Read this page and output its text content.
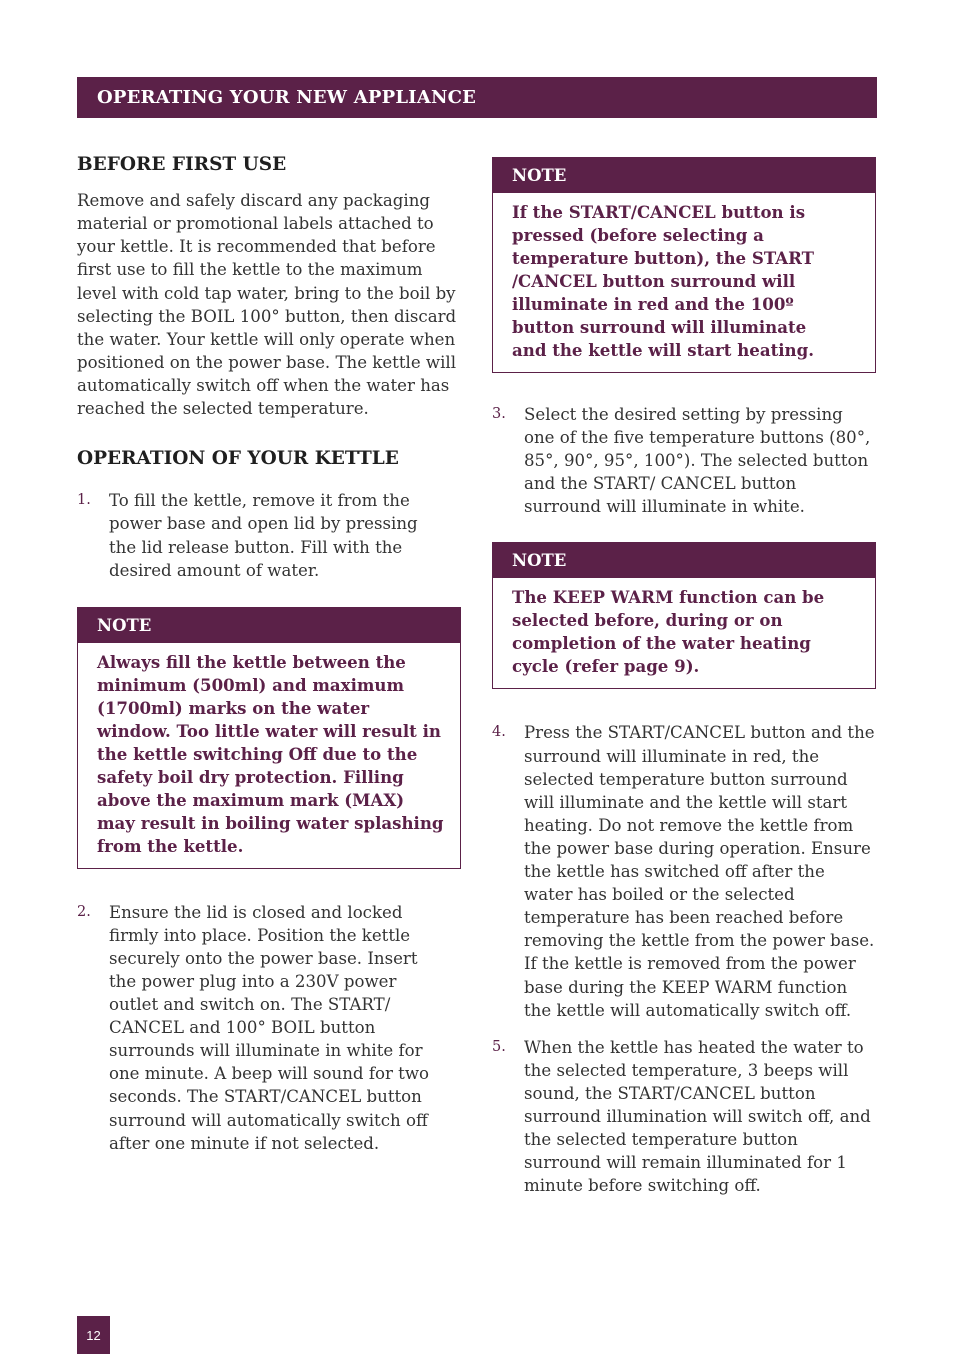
OPERATING YOUR NEW APPLIANCE
BEFORE FIRST USE

Remove and safely discard any packaging material or promotional labels attached to your kettle. It is recommended that before first use to fill the kettle to the maximum level with cold tap water, bring to the boil by selecting the BOIL 100° button, then discard the water. Your kettle will only operate when positioned on the power base. The kettle will automatically switch off when the water has reached the selected temperature.

OPERATION OF YOUR KETTLE
1.	To fill the kettle, remove it from the power base and open lid by pressing the lid release button. Fill with the desired amount of water.
NOTE
Always fill the kettle between the minimum (500ml) and maximum (1700ml) marks on the water window. Too little water will result in the kettle switching Off due to the safety boil dry protection. Filling above the maximum mark (MAX) may result in boiling water splashing from the kettle.
2.	Ensure the lid is closed and locked firmly into place. Position the kettle securely onto the power base. Insert the power plug into a 230V power outlet and switch on. The START/ CANCEL and 100° BOIL button surrounds will illuminate in white for one minute. A beep will sound for two seconds. The START/CANCEL button surround will automatically switch off after one minute if not selected.
NOTE
If the START/CANCEL button is pressed (before selecting a temperature button), the START /CANCEL button surround will illuminate in red and the 100º button surround will illuminate and the kettle will start heating.
3.	Select the desired setting by pressing one of the five temperature buttons (80°, 85°, 90°, 95°, 100°). The selected button and the START/ CANCEL button surround will illuminate in white.
NOTE
The KEEP WARM function can be selected before, during or on completion of the water heating cycle (refer page 9).
4.	Press the START/CANCEL button and the surround will illuminate in red, the selected temperature button surround will illuminate and the kettle will start heating. Do not remove the kettle from the power base during operation. Ensure the kettle has switched off after the water has boiled or the selected temperature has been reached before removing the kettle from the power base. If the kettle is removed from the power base during the KEEP WARM function the kettle will automatically switch off.
5.	When the kettle has heated the water to the selected temperature, 3 beeps will sound, the START/CANCEL button surround illumination will switch off, and the selected temperature button surround will remain illuminated for 1 minute before switching off.
12
